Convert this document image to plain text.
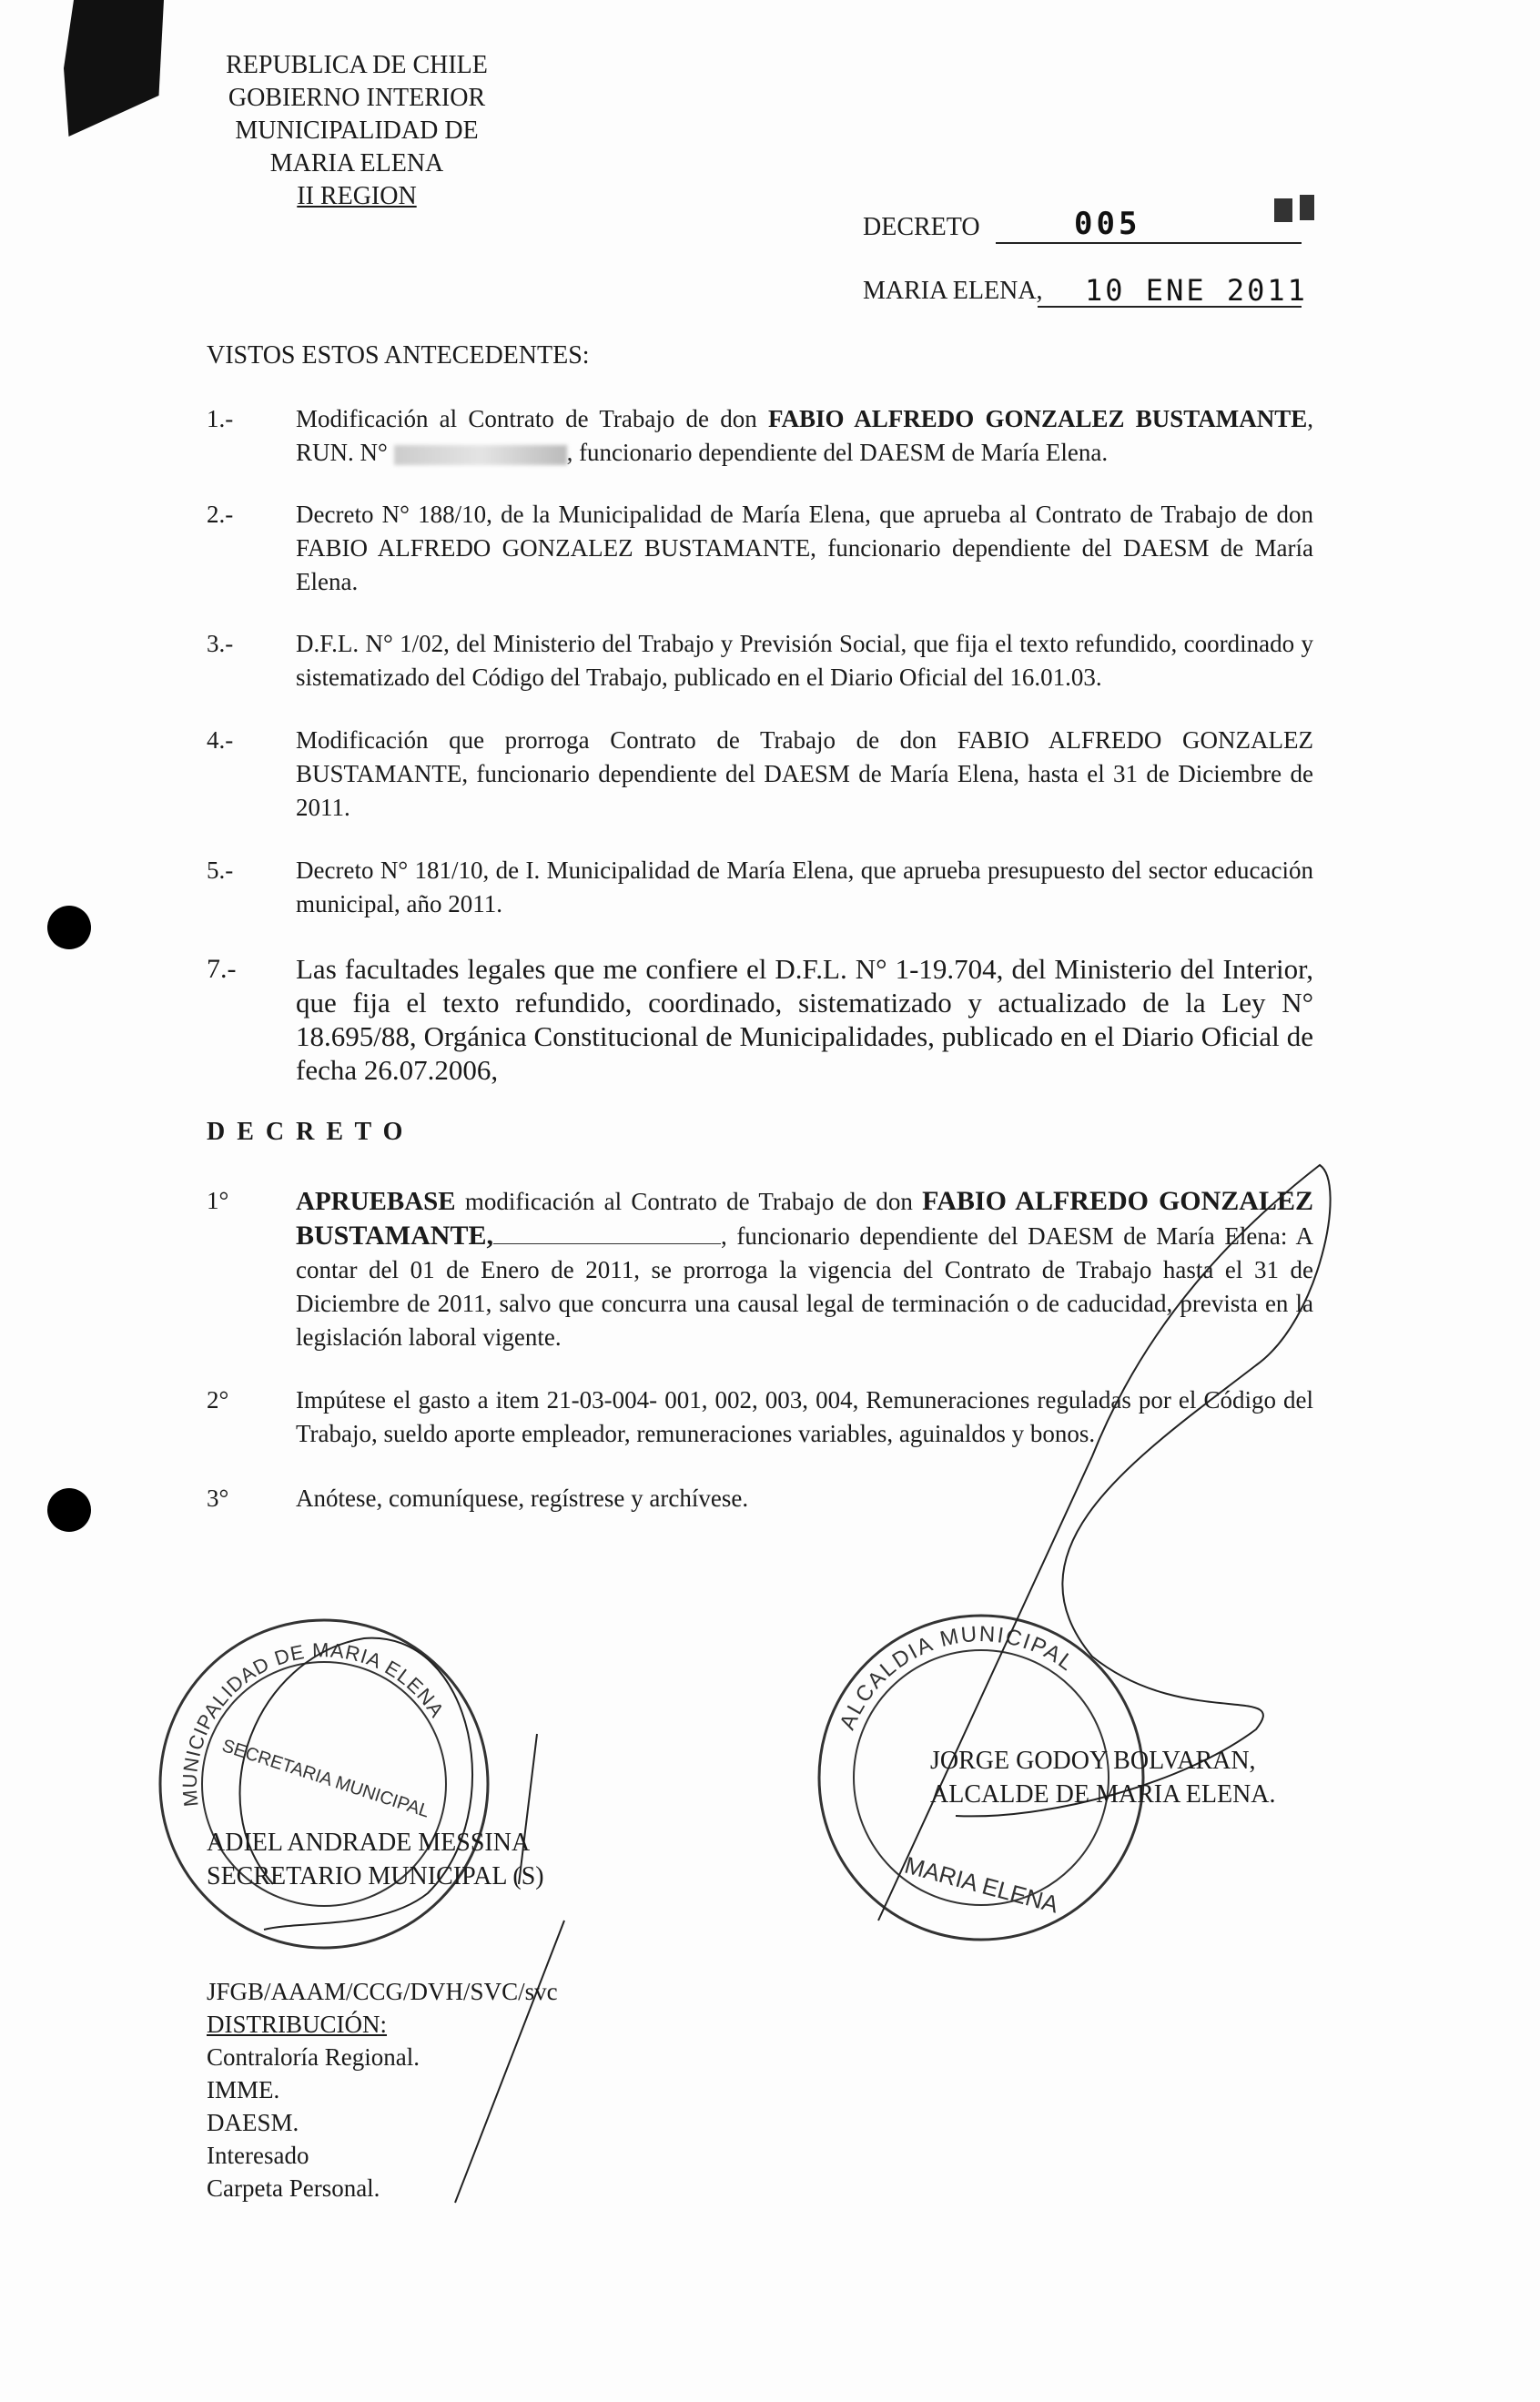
REPUBLICA DE CHILE
GOBIERNO INTERIOR
MUNICIPALIDAD DE
MARIA ELENA
II REGION
DECRETO	005
MARIA ELENA, 10 ENE 2011
VISTOS ESTOS ANTECEDENTES:
1.-	Modificación al Contrato de Trabajo de don FABIO ALFREDO GONZALEZ BUSTAMANTE, RUN. N°	, funcionario dependiente del DAESM de María Elena.
2.-	Decreto N° 188/10, de la Municipalidad de María Elena, que aprueba al Contrato de Trabajo de don FABIO ALFREDO GONZALEZ BUSTAMANTE, funcionario dependiente del DAESM de María Elena.
3.-	D.F.L. N° 1/02, del Ministerio del Trabajo y Previsión Social, que fija el texto refundido, coordinado y sistematizado del Código del Trabajo, publicado en el Diario Oficial del 16.01.03.
4.-	Modificación que prorroga Contrato de Trabajo de don FABIO ALFREDO GONZALEZ BUSTAMANTE, funcionario dependiente del DAESM de María Elena, hasta el 31 de Diciembre de 2011.
5.-	Decreto N° 181/10, de I. Municipalidad de María Elena, que aprueba presupuesto del sector educación municipal, año 2011.
7.-	Las facultades legales que me confiere el D.F.L. N° 1-19.704, del Ministerio del Interior, que fija el texto refundido, coordinado, sistematizado y actualizado de la Ley N° 18.695/88, Orgánica Constitucional de Municipalidades, publicado en el Diario Oficial de fecha 26.07.2006,
D E C R E T O
1°	APRUEBASE modificación al Contrato de Trabajo de don FABIO ALFREDO GONZALEZ BUSTAMANTE,	, funcionario dependiente del DAESM de María Elena: A contar del 01 de Enero de 2011, se prorroga la vigencia del Contrato de Trabajo hasta el 31 de Diciembre de 2011, salvo que concurra una causal legal de terminación o de caducidad, prevista en la legislación laboral vigente.
2°	Impútese el gasto a item 21-03-004- 001, 002, 003, 004, Remuneraciones reguladas por el Código del Trabajo, sueldo aporte empleador, remuneraciones variables, aguinaldos y bonos.
3°	Anótese, comuníquese, regístrese y archívese.
MUNICIPALIDAD DE MARIA ELENA
SECRETARIA MUNICIPAL
ALCALDIA MUNICIPAL
MARIA ELENA
ADIEL ANDRADE MESSINA
SECRETARIO MUNICIPAL (S)
JORGE GODOY BOLVARAN,
ALCALDE DE MARIA ELENA.
JFGB/AAAM/CCG/DVH/SVC/svc
DISTRIBUCIÓN:
Contraloría Regional.
IMME.
DAESM.
Interesado
Carpeta Personal.
